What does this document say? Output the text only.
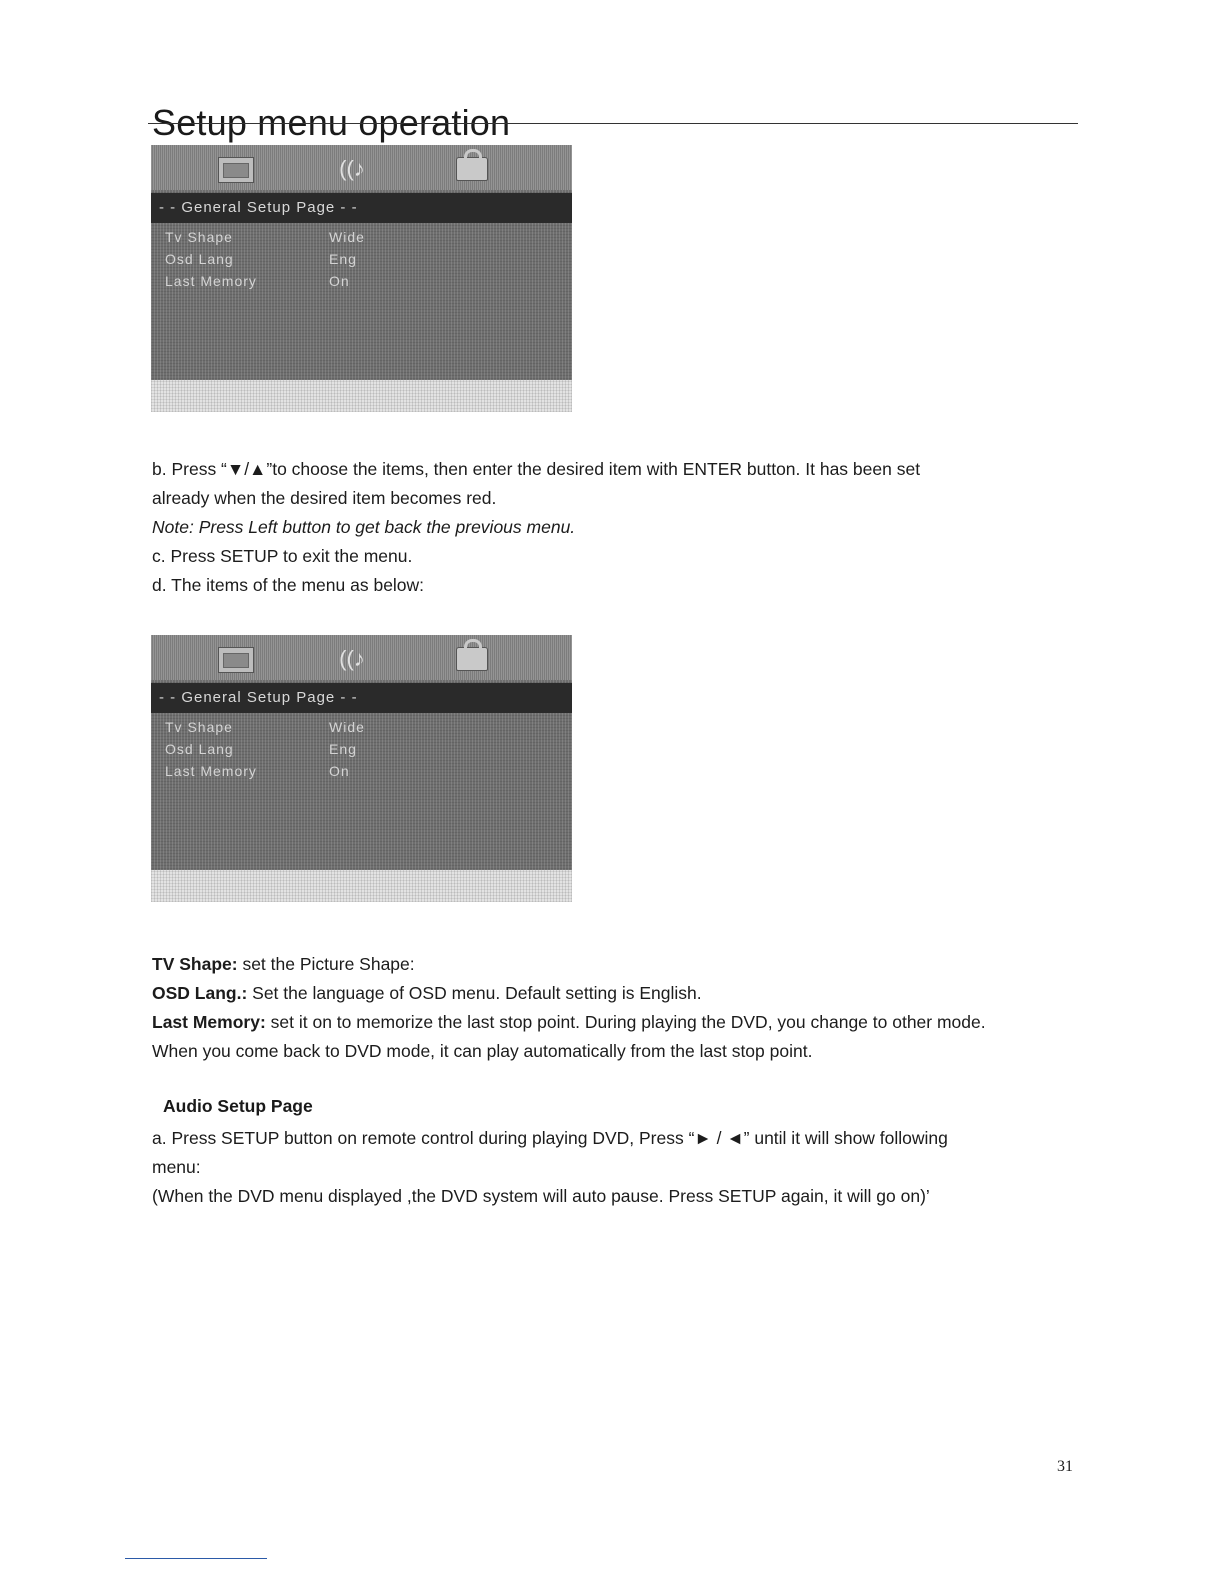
Setup menu operation
((♪
- - General Setup Page - -
Tv Shape	Wide
Osd Lang	Eng
Last Memory	On
b. Press “▼/▲”to choose the items, then enter the desired item with ENTER button. It has been set
already when the desired item becomes red.
Note: Press Left button to get back the previous menu.
c. Press SETUP to exit the menu.
d. The items of the menu as below:
((♪
- - General Setup Page - -
Tv Shape	Wide
Osd Lang	Eng
Last Memory	On
TV Shape: set the Picture Shape:
OSD Lang.: Set the language of OSD menu. Default setting is English.
Last Memory: set it on to memorize the last stop point. During playing the DVD, you change to other mode.
When you come back to DVD mode, it can play automatically from the last stop point.
Audio Setup Page
a. Press SETUP button on remote control during playing DVD, Press “► / ◄” until it will show following
menu:
(When the DVD menu displayed ,the DVD system will auto pause. Press SETUP again, it will go on)’
31
